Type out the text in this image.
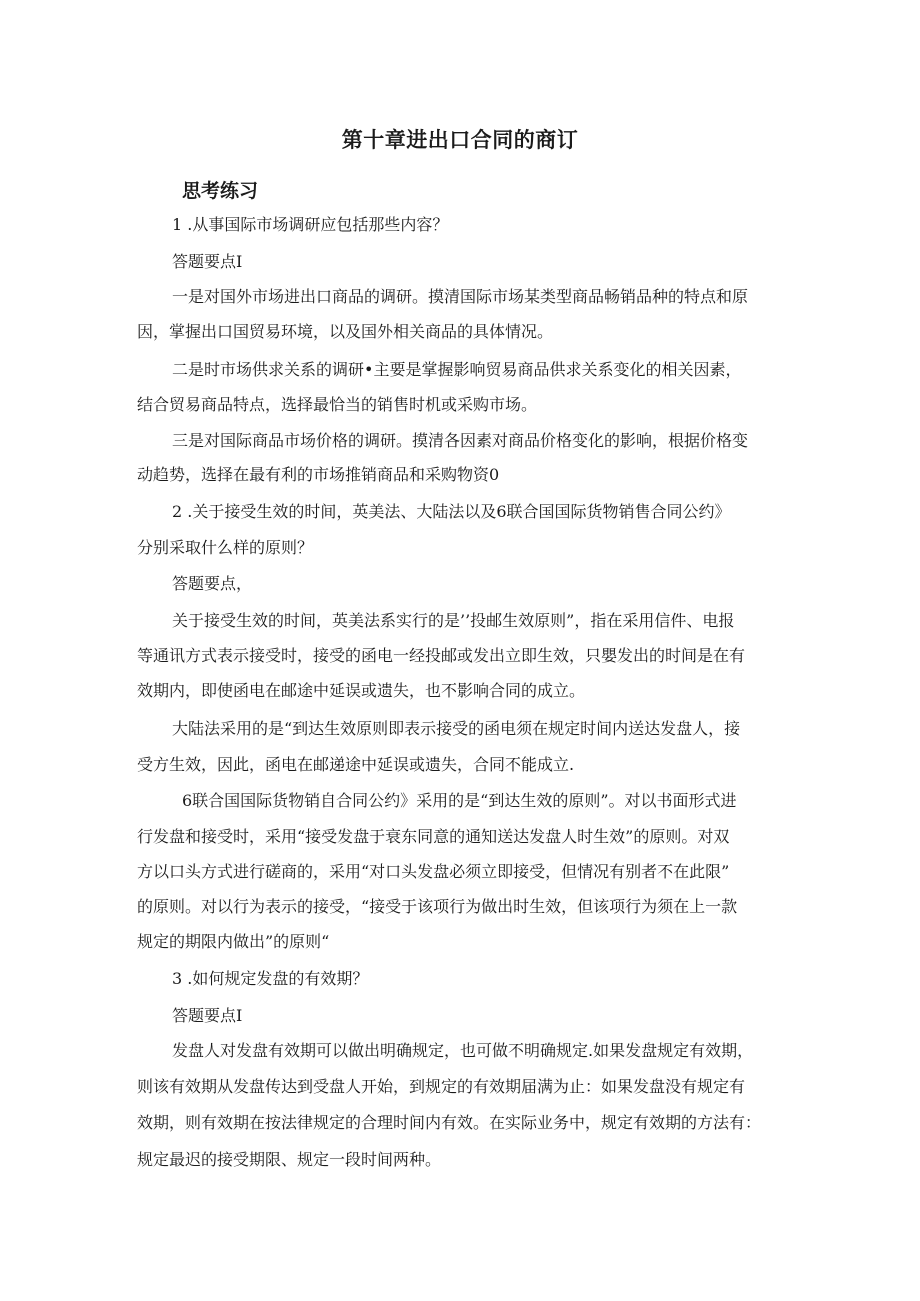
第十章进出口合同的商订
思考练习
1 .从事国际市场调研应包括那些内容？
答题要点I
一是对国外市场进出口商品的调研。摸清国际市场某类型商品畅销品种的特点和原
因，掌握出口国贸易环境，以及国外相关商品的具体情况。
二是时市场供求关系的调研•主要是掌握影响贸易商品供求关系变化的相关因素，
结合贸易商品特点，选择最恰当的销售时机或采购市场。
三是对国际商品市场价格的调研。摸清各因素对商品价格变化的影响，根据价格变
动趋势，选择在最有利的市场推销商品和采购物资0
2 .关于接受生效的时间，英美法、大陆法以及6联合国国际货物销售合同公约》
分别采取什么样的原则？
答题要点，
关于接受生效的时间，英美法系实行的是’’投邮生效原则”，指在采用信件、电报
等通讯方式表示接受时，接受的函电一经投邮或发出立即生效，只嬰发出的时间是在有
效期内，即使函电在邮途中延误或遗失，也不影响合同的成立。
大陆法采用的是“到达生效原则即表示接受的函电须在规定时间内送达发盘人，接
受方生效，因此，函电在邮递途中延误或遗失，合同不能成立.
6联合国国际货物销自合同公约》采用的是“到达生效的原则”。对以书面形式进
行发盘和接受时，采用“接受发盘于衰东同意的通知送达发盘人时生效”的原则。对双
方以口头方式进行磋商的，采用“对口头发盘必须立即接受，但情况有别者不在此限”
的原则。对以行为表示的接受，“接受于该项行为做出时生效，但该项行为须在上一款
规定的期限内做出”的原则“
3 .如何规定发盘的有效期？
答题要点I
发盘人对发盘有效期可以做出明确规定，也可做不明确规定.如果发盘规定有效期，
则该有效期从发盘传达到受盘人开始，到规定的有效期届满为止：如果发盘没有规定有
效期，则有效期在按法律规定的合理时间内有效。在实际业务中，规定有效期的方法有：
规定最迟的接受期限、规定一段时间两种。
